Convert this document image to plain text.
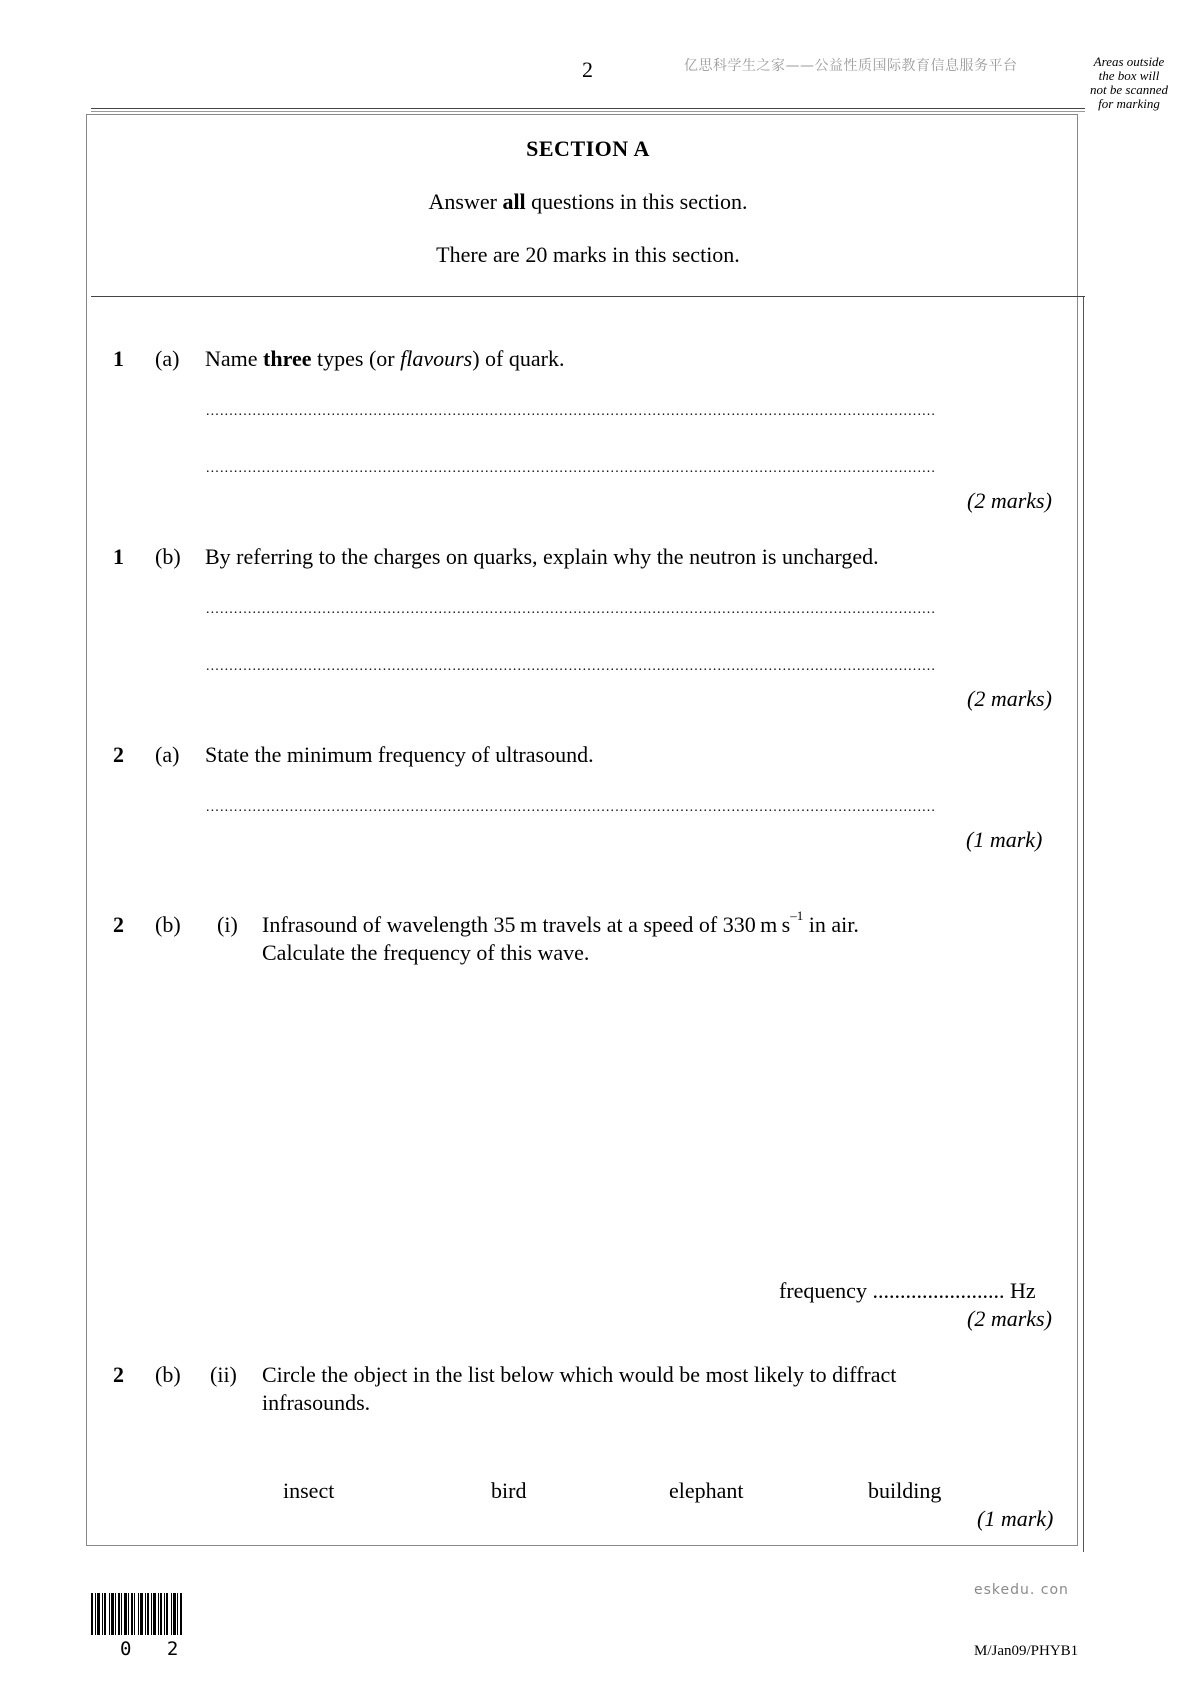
2	亿思科学生之家——公益性质国际教育信息服务平台	Areas outside
the box will
not be scanned
for marking
SECTION A
Answer all questions in this section.
There are 20 marks in this section.
1 (a) Name three types (or flavours) of quark.
.............................................................................................................................................................
.............................................................................................................................................................
(2 marks)
1 (b) By referring to the charges on quarks, explain why the neutron is uncharged.
.............................................................................................................................................................
.............................................................................................................................................................
(2 marks)
2 (a) State the minimum frequency of ultrasound.
.............................................................................................................................................................
(1 mark)
2 (b) (i) Infrasound of wavelength 35 m travels at a speed of 330 m $s^{-1}$ in air.
Calculate the frequency of this wave.
frequency ........................ Hz
(2 marks)
2 (b) (ii) Circle the object in the list below which would be most likely to diffract
infrasounds.
insect	bird	elephant	building
(1 mark)
0 2
eskedu. con
M/Jan09/PHYB1
